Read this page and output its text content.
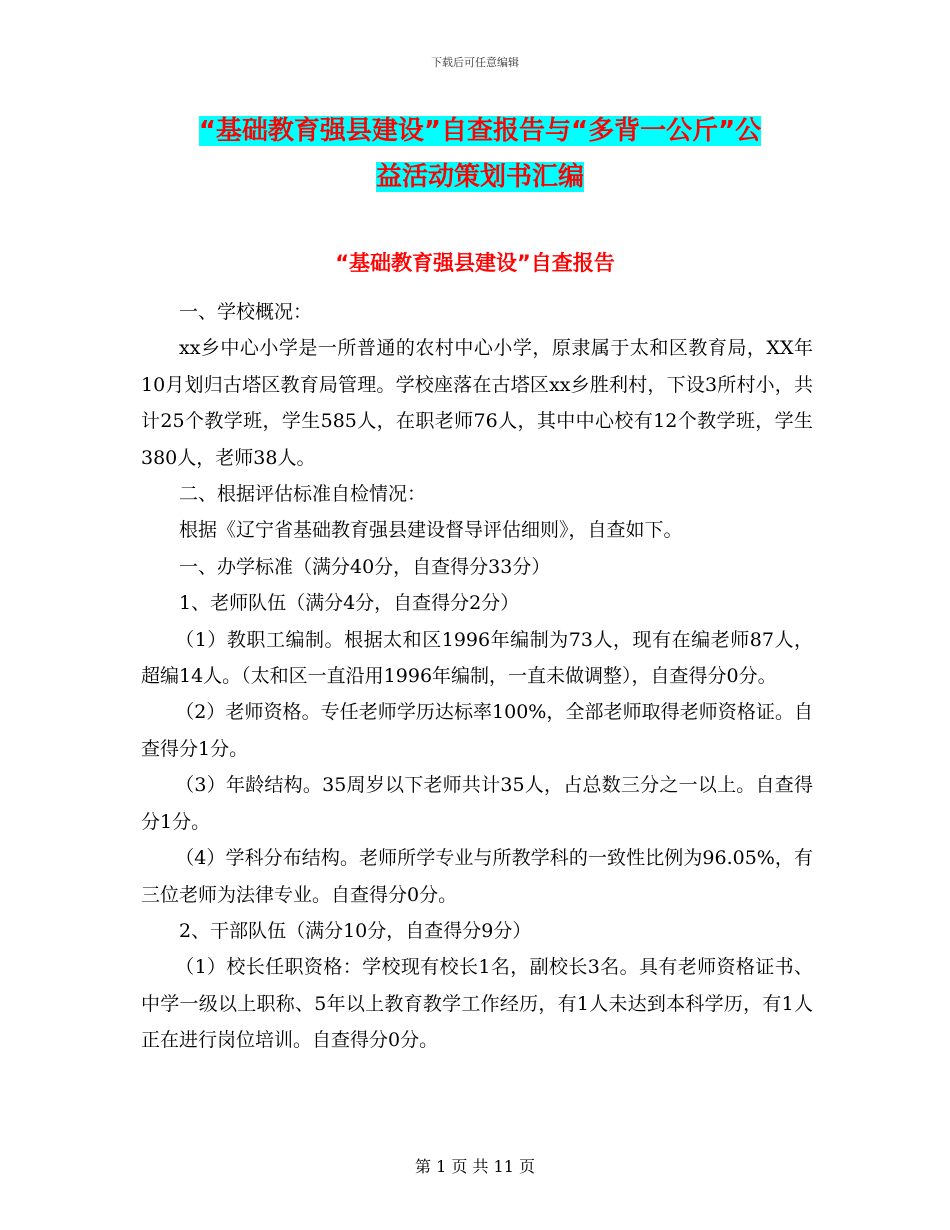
下载后可任意编辑
“基础教育强县建设”自查报告与“多背一公斤”公
益活动策划书汇编
“基础教育强县建设”自查报告

一、学校概况：

xx乡中心小学是一所普通的农村中心小学，原隶属于太和区教育局，XX年10月划归古塔区教育局管理。学校座落在古塔区xx乡胜利村，下设3所村小，共计25个教学班，学生585人，在职老师76人，其中中心校有12个教学班，学生380人，老师38人。

二、根据评估标准自检情况：

根据《辽宁省基础教育强县建设督导评估细则》，自查如下。

一、办学标准（满分40分，自查得分33分）

1、老师队伍（满分4分，自查得分2分）

（1）教职工编制。根据太和区1996年编制为73人，现有在编老师87人，超编14人。（太和区一直沿用1996年编制，一直未做调整），自查得分0分。

（2）老师资格。专任老师学历达标率100%，全部老师取得老师资格证。自查得分1分。

（3）年龄结构。35周岁以下老师共计35人，占总数三分之一以上。自查得分1分。

（4）学科分布结构。老师所学专业与所教学科的一致性比例为96.05%，有三位老师为法律专业。自查得分0分。

2、干部队伍（满分10分，自查得分9分）

（1）校长任职资格：学校现有校长1名，副校长3名。具有老师资格证书、中学一级以上职称、5年以上教育教学工作经历，有1人未达到本科学历，有1人正在进行岗位培训。自查得分0分。

第 1 页 共 11 页
